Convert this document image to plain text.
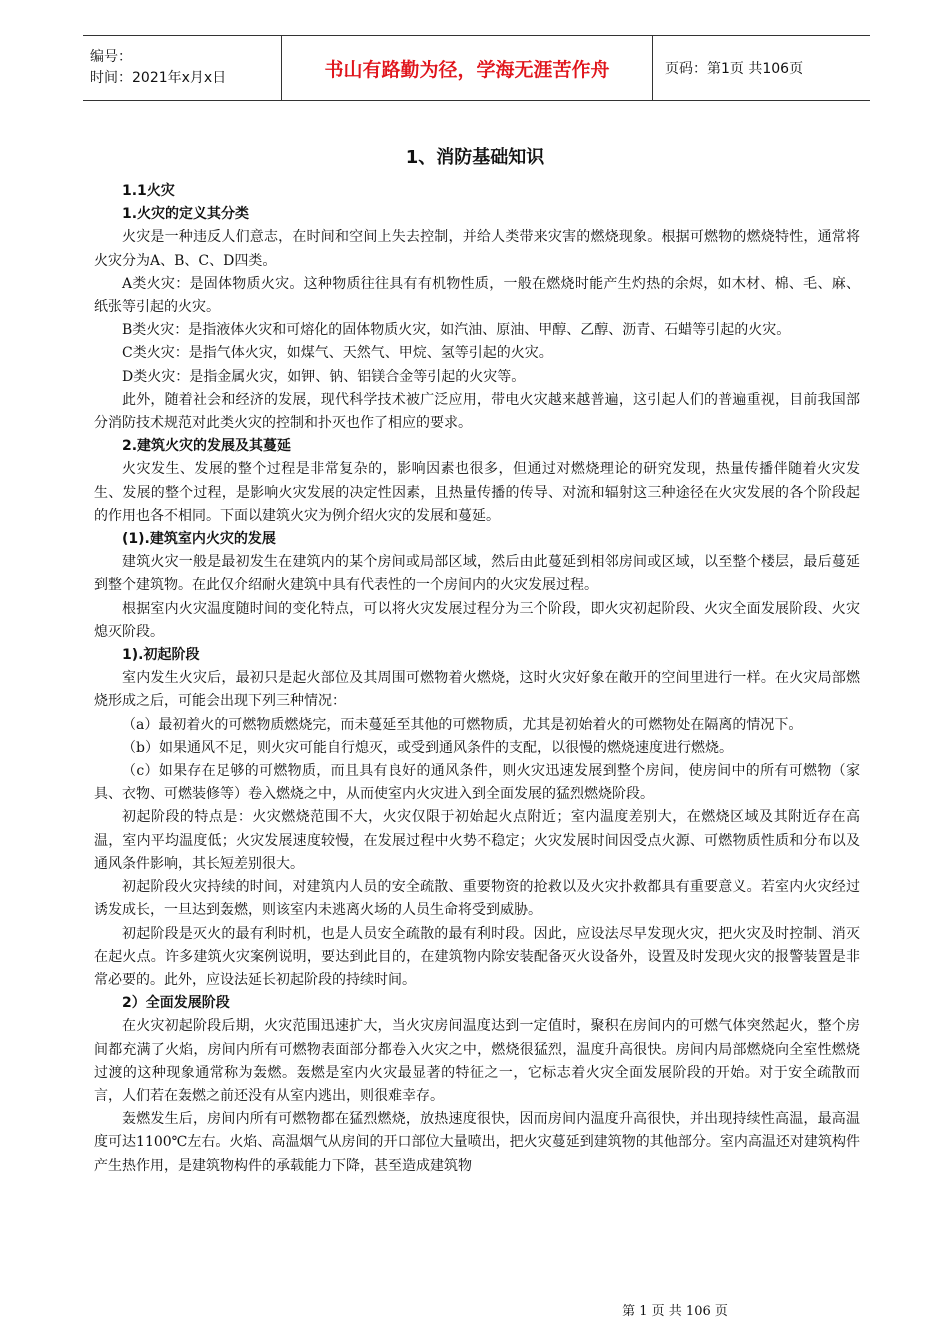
编号：
时间：2021年x月x日	书山有路勤为径，学海无涯苦作舟	页码：第1页 共106页
1、消防基础知识

1.1火灾

1.火灾的定义其分类

火灾是一种违反人们意志，在时间和空间上失去控制，并给人类带来灾害的燃烧现象。根据可燃物的燃烧特性，通常将火灾分为A、B、C、D四类。

A类火灾：是固体物质火灾。这种物质往往具有有机物性质，一般在燃烧时能产生灼热的余烬，如木材、棉、毛、麻、纸张等引起的火灾。

B类火灾：是指液体火灾和可熔化的固体物质火灾，如汽油、原油、甲醇、乙醇、沥青、石蜡等引起的火灾。

C类火灾：是指气体火灾，如煤气、天然气、甲烷、氢等引起的火灾。

D类火灾：是指金属火灾，如钾、钠、铝镁合金等引起的火灾等。

此外，随着社会和经济的发展，现代科学技术被广泛应用，带电火灾越来越普遍，这引起人们的普遍重视，目前我国部分消防技术规范对此类火灾的控制和扑灭也作了相应的要求。

2.建筑火灾的发展及其蔓延

火灾发生、发展的整个过程是非常复杂的，影响因素也很多，但通过对燃烧理论的研究发现，热量传播伴随着火灾发生、发展的整个过程，是影响火灾发展的决定性因素，且热量传播的传导、对流和辐射这三种途径在火灾发展的各个阶段起的作用也各不相同。下面以建筑火灾为例介绍火灾的发展和蔓延。

(1).建筑室内火灾的发展

建筑火灾一般是最初发生在建筑内的某个房间或局部区域，然后由此蔓延到相邻房间或区域，以至整个楼层，最后蔓延到整个建筑物。在此仅介绍耐火建筑中具有代表性的一个房间内的火灾发展过程。

根据室内火灾温度随时间的变化特点，可以将火灾发展过程分为三个阶段，即火灾初起阶段、火灾全面发展阶段、火灾熄灭阶段。

1).初起阶段

室内发生火灾后，最初只是起火部位及其周围可燃物着火燃烧，这时火灾好象在敞开的空间里进行一样。在火灾局部燃烧形成之后，可能会出现下列三种情况：

（a）最初着火的可燃物质燃烧完，而未蔓延至其他的可燃物质，尤其是初始着火的可燃物处在隔离的情况下。

（b）如果通风不足，则火灾可能自行熄灭，或受到通风条件的支配，以很慢的燃烧速度进行燃烧。

（c）如果存在足够的可燃物质，而且具有良好的通风条件，则火灾迅速发展到整个房间，使房间中的所有可燃物（家具、衣物、可燃装修等）卷入燃烧之中，从而使室内火灾进入到全面发展的猛烈燃烧阶段。

初起阶段的特点是：火灾燃烧范围不大，火灾仅限于初始起火点附近；室内温度差别大，在燃烧区域及其附近存在高温，室内平均温度低；火灾发展速度较慢，在发展过程中火势不稳定；火灾发展时间因受点火源、可燃物质性质和分布以及通风条件影响，其长短差别很大。

初起阶段火灾持续的时间，对建筑内人员的安全疏散、重要物资的抢救以及火灾扑救都具有重要意义。若室内火灾经过诱发成长，一旦达到轰燃，则该室内未逃离火场的人员生命将受到威胁。

初起阶段是灭火的最有利时机，也是人员安全疏散的最有利时段。因此，应设法尽早发现火灾，把火灾及时控制、消灭在起火点。许多建筑火灾案例说明，要达到此目的，在建筑物内除安装配备灭火设备外，设置及时发现火灾的报警装置是非常必要的。此外，应设法延长初起阶段的持续时间。

2）全面发展阶段

在火灾初起阶段后期，火灾范围迅速扩大，当火灾房间温度达到一定值时，聚积在房间内的可燃气体突然起火，整个房间都充满了火焰，房间内所有可燃物表面部分都卷入火灾之中，燃烧很猛烈，温度升高很快。房间内局部燃烧向全室性燃烧过渡的这种现象通常称为轰燃。轰燃是室内火灾最显著的特征之一，它标志着火灾全面发展阶段的开始。对于安全疏散而言，人们若在轰燃之前还没有从室内逃出，则很难幸存。

轰燃发生后，房间内所有可燃物都在猛烈燃烧，放热速度很快，因而房间内温度升高很快，并出现持续性高温，最高温度可达1100℃左右。火焰、高温烟气从房间的开口部位大量喷出，把火灾蔓延到建筑物的其他部分。室内高温还对建筑构件产生热作用，是建筑物构件的承载能力下降，甚至造成建筑物

第 1 页 共 106 页
